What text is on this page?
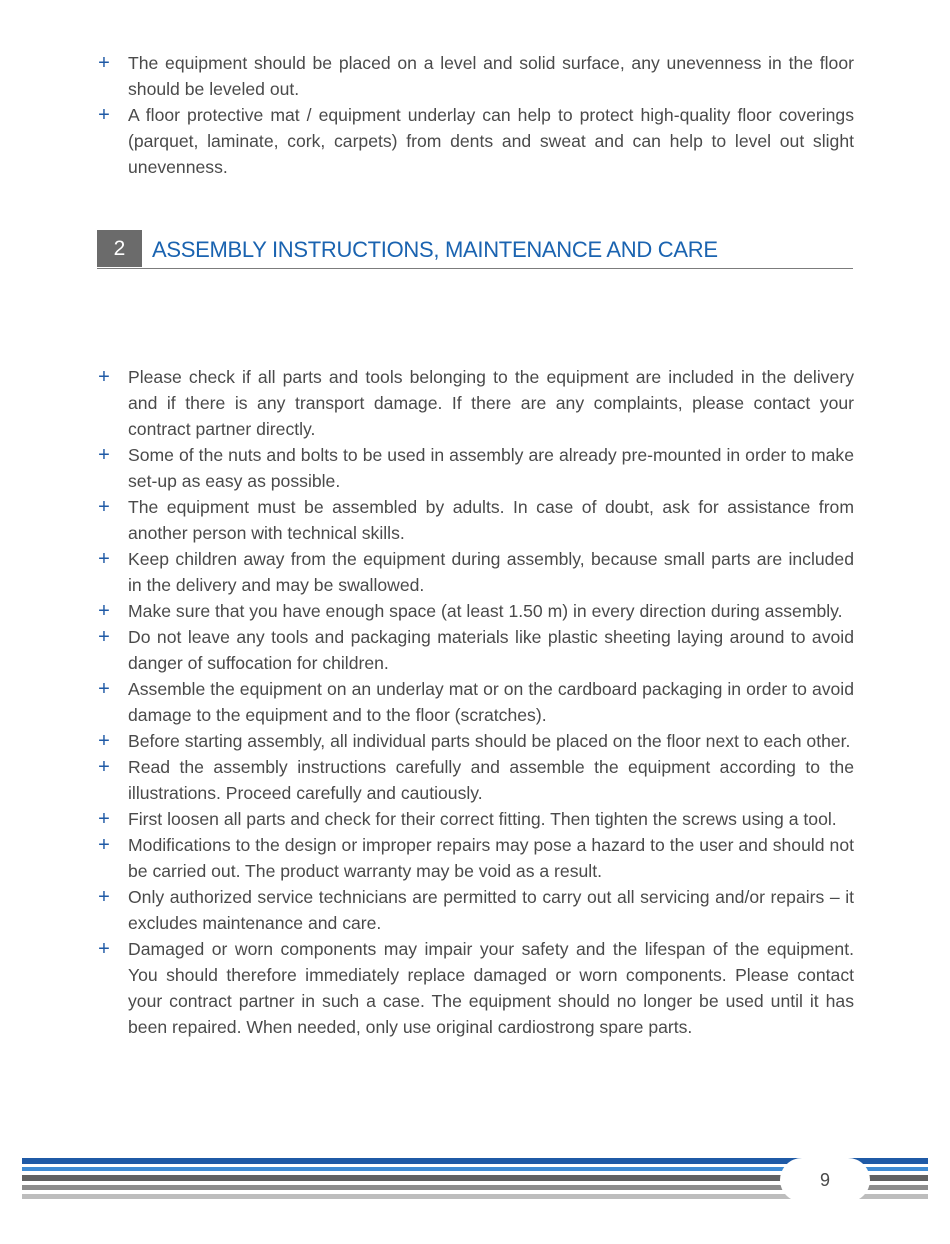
+ The equipment should be placed on a level and solid surface, any unevenness in the floor should be leveled out.
+ A floor protective mat / equipment underlay can help to protect high-quality floor coverings (parquet, laminate, cork, carpets) from dents and sweat and can help to level out slight unevenness.
2	ASSEMBLY INSTRUCTIONS, MAINTENANCE AND CARE
+ Please check if all parts and tools belonging to the equipment are included in the delivery and if there is any transport damage. If there are any complaints, please contact your contract partner directly.
+ Some of the nuts and bolts to be used in assembly are already pre-mounted in order to make set-up as easy as possible.
+ The equipment must be assembled by adults. In case of doubt, ask for assistance from another person with technical skills.
+ Keep children away from the equipment during assembly, because small parts are included in the delivery and may be swallowed.
+ Make sure that you have enough space (at least 1.50 m) in every direction during assembly.
+ Do not leave any tools and packaging materials like plastic sheeting laying around to avoid danger of suffocation for children.
+ Assemble the equipment on an underlay mat or on the cardboard packaging in order to avoid damage to the equipment and to the floor (scratches).
+ Before starting assembly, all individual parts should be placed on the floor next to each other.
+ Read the assembly instructions carefully and assemble the equipment according to the illustrations. Proceed carefully and cautiously.
+ First loosen all parts and check for their correct fitting. Then tighten the screws using a tool.
+ Modifications to the design or improper repairs may pose a hazard to the user and should not be carried out. The product warranty may be void as a result.
+ Only authorized service technicians are permitted to carry out all servicing and/or repairs – it excludes maintenance and care.
+ Damaged or worn components may impair your safety and the lifespan of the equipment. You should therefore immediately replace damaged or worn components. Please contact your contract partner in such a case. The equipment should no longer be used until it has been repaired. When needed, only use original cardiostrong spare parts.
9
